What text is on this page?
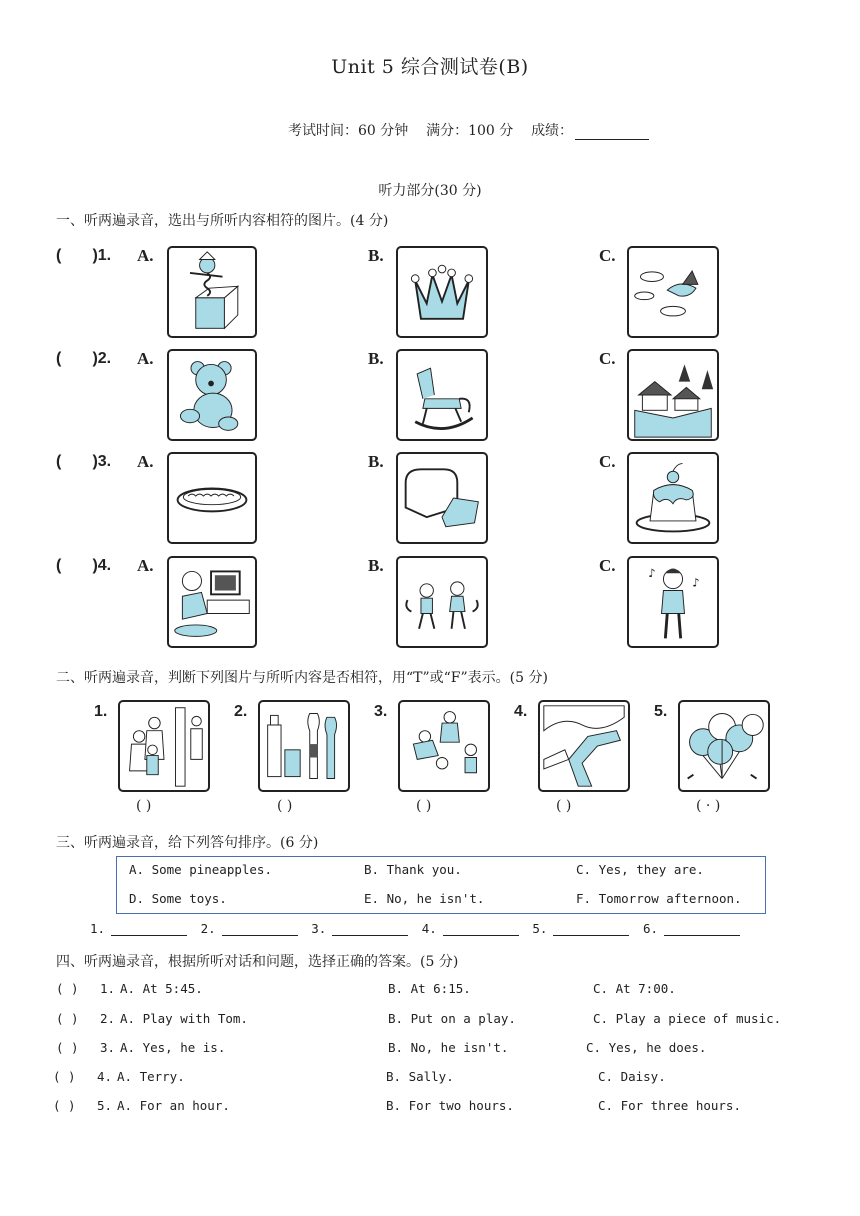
Unit 5 综合测试卷(B)
考试时间：60 分钟 满分：100 分 成绩：
听力部分(30 分)
一、听两遍录音，选出与所听内容相符的图片。(4 分)
( )1. A.	B.	C.
( )2. A.	B.	C.
( )3. A.	B.	C.
( )4. A.	B.	C.	♪
♪
二、听两遍录音，判断下列图片与所听内容是否相符，用“T”或“F”表示。(5 分)
1.
( )
2.
( )
3.
( )
4.
( )
5.
( · )
三、听两遍录音，给下列答句排序。(6 分)
A. Some pineapples.	B. Thank you.	C. Yes, they are.
D. Some toys.	E. No, he isn't.	F. Tomorrow afternoon.
1.	2.	3.	4.	5.	6.
四、听两遍录音，根据所听对话和问题，选择正确的答案。(5 分)
( ) 1. A. At 5:45.	B. At 6:15.	C. At 7:00.
( ) 2. A. Play with Tom.	B. Put on a play.	C. Play a piece of music.
( ) 3. A. Yes, he is.	B. No, he isn't.	C. Yes, he does.
( ) 4. A. Terry.	B. Sally.	C. Daisy.
( ) 5. A. For an hour.	B. For two hours.	C. For three hours.
